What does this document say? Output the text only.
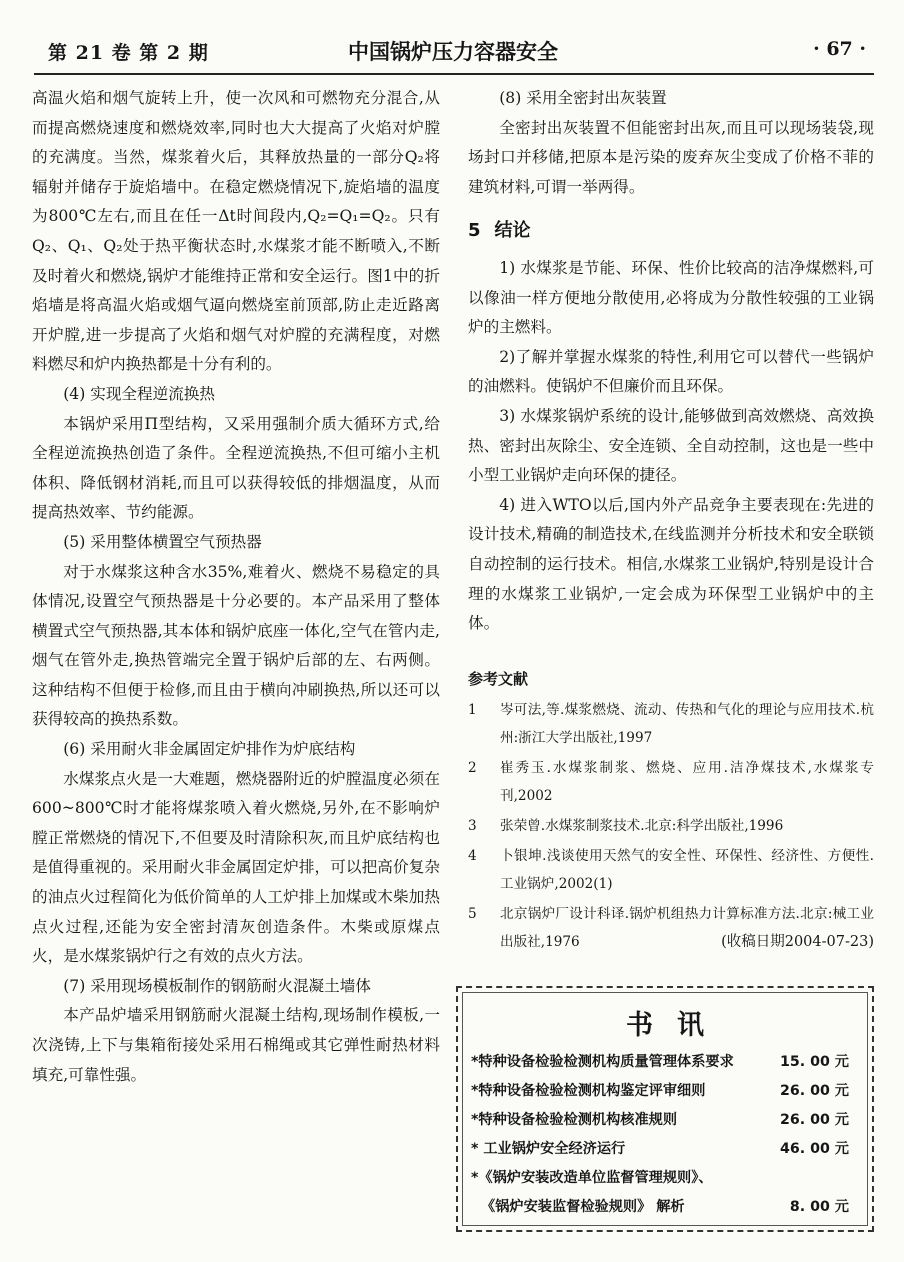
第 21 卷 第 2 期	中国锅炉压力容器安全	· 67 ·

高温火焰和烟气旋转上升，使一次风和可燃物充分混合,从而提高燃烧速度和燃烧效率,同时也大大提高了火焰对炉膛的充满度。当然，煤浆着火后，其释放热量的一部分Q₂将辐射并储存于旋焰墙中。在稳定燃烧情况下,旋焰墙的温度为800℃左右,而且在任一Δt时间段内,Q₂=Q₁=Q₂。只有Q₂、Q₁、Q₂处于热平衡状态时,水煤浆才能不断喷入,不断及时着火和燃烧,锅炉才能维持正常和安全运行。图1中的折焰墙是将高温火焰或烟气逼向燃烧室前顶部,防止走近路离开炉膛,进一步提高了火焰和烟气对炉膛的充满程度，对燃料燃尽和炉内换热都是十分有利的。

(4) 实现全程逆流换热

本锅炉采用Π型结构，又采用强制介质大循环方式,给全程逆流换热创造了条件。全程逆流换热,不但可缩小主机体积、降低钢材消耗,而且可以获得较低的排烟温度，从而提高热效率、节约能源。

(5) 采用整体横置空气预热器

对于水煤浆这种含水35%,难着火、燃烧不易稳定的具体情况,设置空气预热器是十分必要的。本产品采用了整体横置式空气预热器,其本体和锅炉底座一体化,空气在管内走,烟气在管外走,换热管端完全置于锅炉后部的左、右两侧。这种结构不但便于检修,而且由于横向冲刷换热,所以还可以获得较高的换热系数。

(6) 采用耐火非金属固定炉排作为炉底结构

水煤浆点火是一大难题，燃烧器附近的炉膛温度必须在600~800℃时才能将煤浆喷入着火燃烧,另外,在不影响炉膛正常燃烧的情况下,不但要及时清除积灰,而且炉底结构也是值得重视的。采用耐火非金属固定炉排，可以把高价复杂的油点火过程简化为低价简单的人工炉排上加煤或木柴加热点火过程,还能为安全密封清灰创造条件。木柴或原煤点火，是水煤浆锅炉行之有效的点火方法。

(7) 采用现场模板制作的钢筋耐火混凝土墙体

本产品炉墙采用钢筋耐火混凝土结构,现场制作模板,一次浇铸,上下与集箱衔接处采用石棉绳或其它弹性耐热材料填充,可靠性强。

(8) 采用全密封出灰装置

全密封出灰装置不但能密封出灰,而且可以现场装袋,现场封口并移储,把原本是污染的废弃灰尘变成了价格不菲的建筑材料,可谓一举两得。

5 结论

1) 水煤浆是节能、环保、性价比较高的洁净煤燃料,可以像油一样方便地分散使用,必将成为分散性较强的工业锅炉的主燃料。

2)了解并掌握水煤浆的特性,利用它可以替代一些锅炉的油燃料。使锅炉不但廉价而且环保。

3) 水煤浆锅炉系统的设计,能够做到高效燃烧、高效换热、密封出灰除尘、安全连锁、全自动控制，这也是一些中小型工业锅炉走向环保的捷径。

4) 进入WTO以后,国内外产品竞争主要表现在:先进的设计技术,精确的制造技术,在线监测并分析技术和安全联锁自动控制的运行技术。相信,水煤浆工业锅炉,特别是设计合理的水煤浆工业锅炉,一定会成为环保型工业锅炉中的主体。

参考文献
1 岑可法,等.煤浆燃烧、流动、传热和气化的理论与应用技术.杭州:浙江大学出版社,1997
2 崔秀玉.水煤浆制浆、燃烧、应用.洁净煤技术,水煤浆专刊,2002
3 张荣曾.水煤浆制浆技术.北京:科学出版社,1996
4 卜银坤.浅谈使用天然气的安全性、环保性、经济性、方便性.工业锅炉,2002(1)
5 北京锅炉厂设计科译.锅炉机组热力计算标准方法.北京:械工业出版社,1976	(收稿日期2004-07-23)
书讯
*特种设备检验检测机构质量管理体系要求	15. 00 元
*特种设备检验检测机构鉴定评审细则	26. 00 元
*特种设备检验检测机构核准规则	26. 00 元
* 工业锅炉安全经济运行	46. 00 元
*《锅炉安装改造单位监督管理规则》、
《锅炉安装监督检验规则》 解析	8. 00 元
